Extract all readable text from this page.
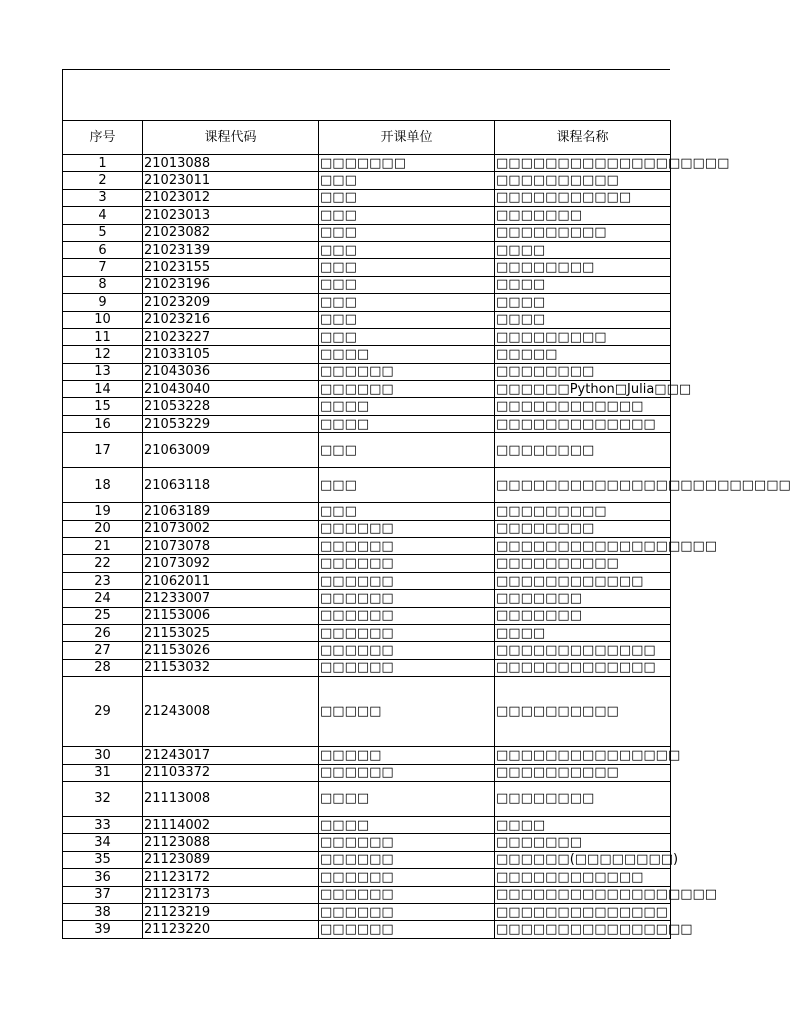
序号	课程代码	开课单位	课程名称
1	21013088	□□□□□□□	□□□□□□□□□□□□□□□□□□□
2	21023011	□□□	□□□□□□□□□□
3	21023012	□□□	□□□□□□□□□□□
4	21023013	□□□	□□□□□□□
5	21023082	□□□	□□□□□□□□□
6	21023139	□□□	□□□□
7	21023155	□□□	□□□□□□□□
8	21023196	□□□	□□□□
9	21023209	□□□	□□□□
10	21023216	□□□	□□□□
11	21023227	□□□	□□□□□□□□□
12	21033105	□□□□	□□□□□
13	21043036	□□□□□□	□□□□□□□□
14	21043040	□□□□□□	□□□□□□Python□Julia□□□
15	21053228	□□□□	□□□□□□□□□□□□
16	21053229	□□□□	□□□□□□□□□□□□□
17	21063009	□□□	□□□□□□□□
18	21063118	□□□	□□□□□□□□□□□□□□□□□□□□□□□□
19	21063189	□□□	□□□□□□□□□
20	21073002	□□□□□□	□□□□□□□□
21	21073078	□□□□□□	□□□□□□□□□□□□□□□□□□
22	21073092	□□□□□□	□□□□□□□□□□
23	21062011	□□□□□□	□□□□□□□□□□□□
24	21233007	□□□□□□	□□□□□□□
25	21153006	□□□□□□	□□□□□□□
26	21153025	□□□□□□	□□□□
27	21153026	□□□□□□	□□□□□□□□□□□□□
28	21153032	□□□□□□	□□□□□□□□□□□□□
29	21243008	□□□□□	□□□□□□□□□□
30	21243017	□□□□□	□□□□□□□□□□□□□□□
31	21103372	□□□□□□	□□□□□□□□□□
32	21113008	□□□□	□□□□□□□□
33	21114002	□□□□	□□□□
34	21123088	□□□□□□	□□□□□□□
35	21123089	□□□□□□	□□□□□□(□□□□□□□□)
36	21123172	□□□□□□	□□□□□□□□□□□□
37	21123173	□□□□□□	□□□□□□□□□□□□□□□□□□
38	21123219	□□□□□□	□□□□□□□□□□□□□□
39	21123220	□□□□□□	□□□□□□□□□□□□□□□□
